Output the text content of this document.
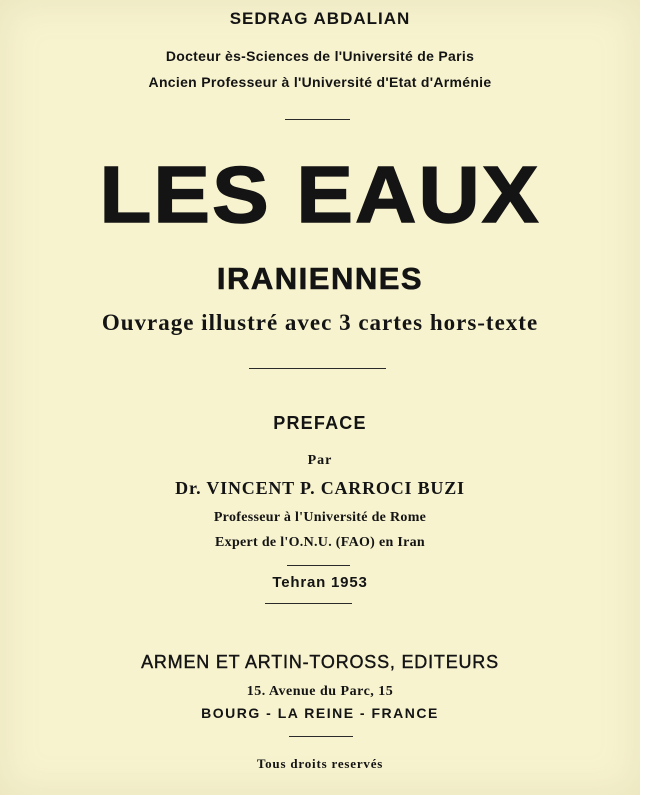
SEDRAG ABDALIAN

Docteur ès-Sciences de l'Université de Paris

Ancien Professeur à l'Université d'Etat d'Arménie

LES EAUX

IRANIENNES

Ouvrage illustré avec 3 cartes hors-texte

PREFACE

Par

Dr. VINCENT P. CARROCI BUZI

Professeur à l'Université de Rome

Expert de l'O.N.U. (FAO) en Iran

Tehran 1953

ARMEN ET ARTIN-TOROSS, EDITEURS

15. Avenue du Parc, 15

BOURG - LA REINE - FRANCE

Tous droits reservés
